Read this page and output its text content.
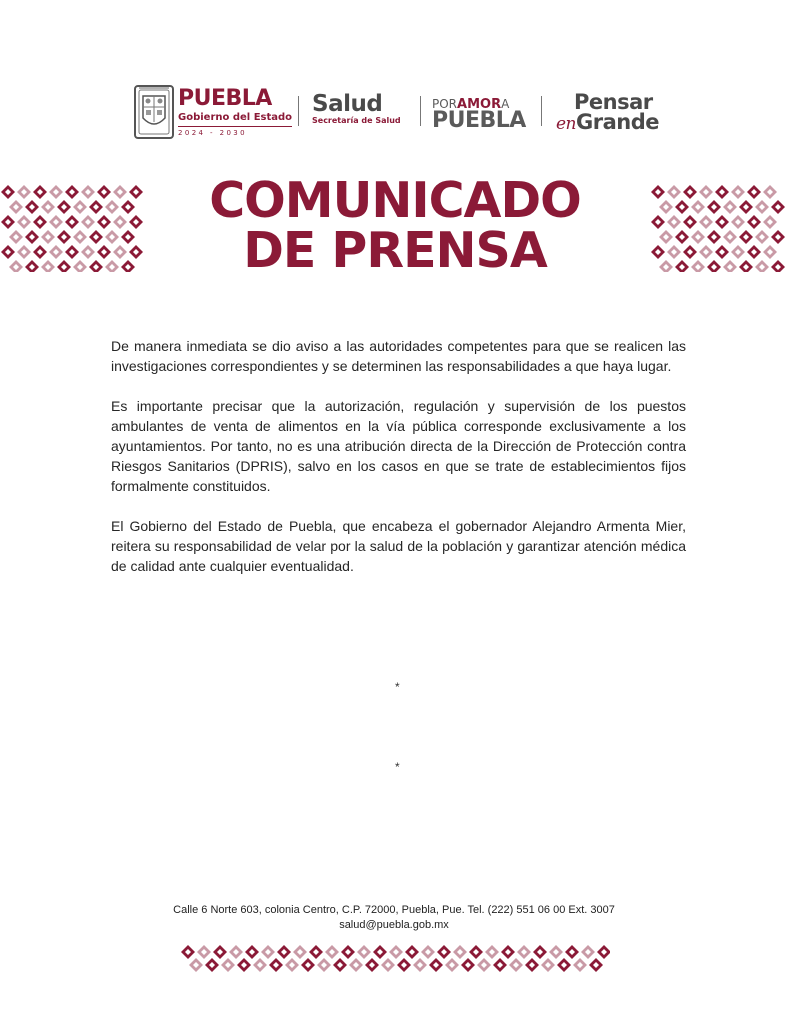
PUEBLA
Gobierno del Estado
2024 - 2030
Salud
Secretaría de Salud
PORAMORA
PUEBLA
Pensar
enGrande
COMUNICADO
DE PRENSA

De manera inmediata se dio aviso a las autoridades competentes para que se realicen las investigaciones correspondientes y se determinen las responsabilidades a que haya lugar.

Es importante precisar que la autorización, regulación y supervisión de los puestos ambulantes de venta de alimentos en la vía pública corresponde exclusivamente a los ayuntamientos. Por tanto, no es una atribución directa de la Dirección de Protección contra Riesgos Sanitarios (DPRIS), salvo en los casos en que se trate de establecimientos fijos formalmente constituidos.

El Gobierno del Estado de Puebla, que encabeza el gobernador Alejandro Armenta Mier, reitera su responsabilidad de velar por la salud de la población y garantizar atención médica de calidad ante cualquier eventualidad.

*
*
Calle 6 Norte 603, colonia Centro, C.P. 72000, Puebla, Pue. Tel. (222) 551 06 00 Ext. 3007
salud@puebla.gob.mx
